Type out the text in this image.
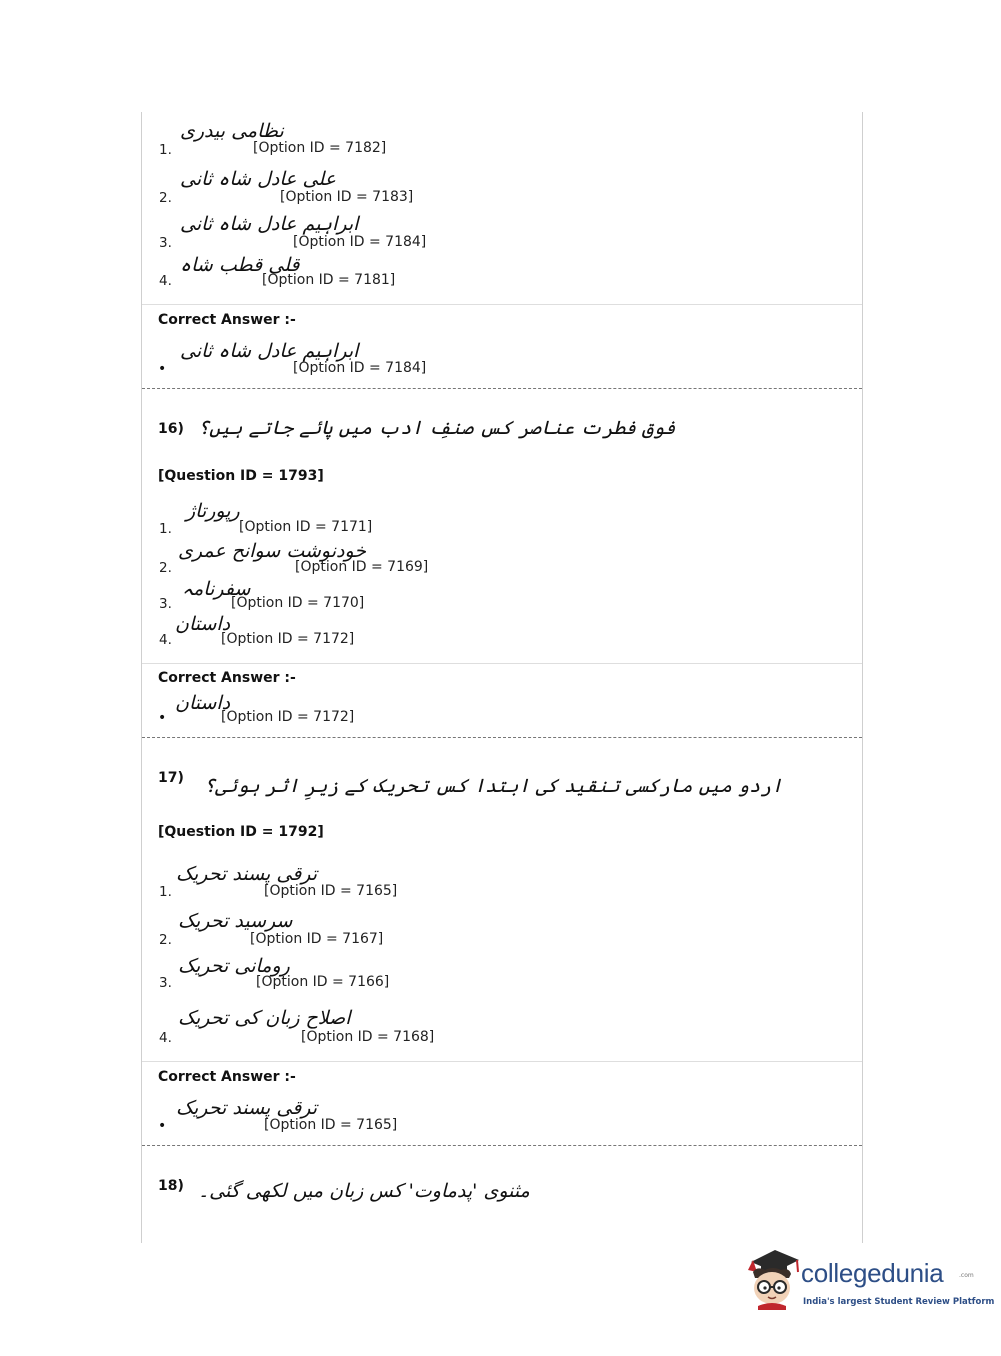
1.
نظامی بیدری
[Option ID = 7182]
2.
علی عادل شاہ ثانی
[Option ID = 7183]
3.
ابراہیم عادل شاہ ثانی
[Option ID = 7184]
4.
قلی قطب شاہ
[Option ID = 7181]
Correct Answer :-
•
ابراہیم عادل شاہ ثانی
[Option ID = 7184]
16) فوق فطرت عناصر کس صنفِ ادب میں پائے جاتے ہیں؟
[Question ID = 1793]
1.
رپورتاژ
[Option ID = 7171]
2.
خودنوشت سوانح عمری
[Option ID = 7169]
3.
سفرنامہ
[Option ID = 7170]
4.
داستان
[Option ID = 7172]
Correct Answer :-
•
داستان
[Option ID = 7172]
17) اردو میں مارکسی تنقید کی ابتدا کس تحریک کے زیرِ اثر ہوئی؟
[Question ID = 1792]
1.
ترقی پسند تحریک
[Option ID = 7165]
2.
سرسید تحریک
[Option ID = 7167]
3.
رومانی تحریک
[Option ID = 7166]
4.
اصلاح زبان کی تحریک
[Option ID = 7168]
Correct Answer :-
•
ترقی پسند تحریک
[Option ID = 7165]
18) مثنوی 'پدماوت' کس زبان میں لکھی گئی۔
collegedunia	.com
India's largest Student Review Platform
